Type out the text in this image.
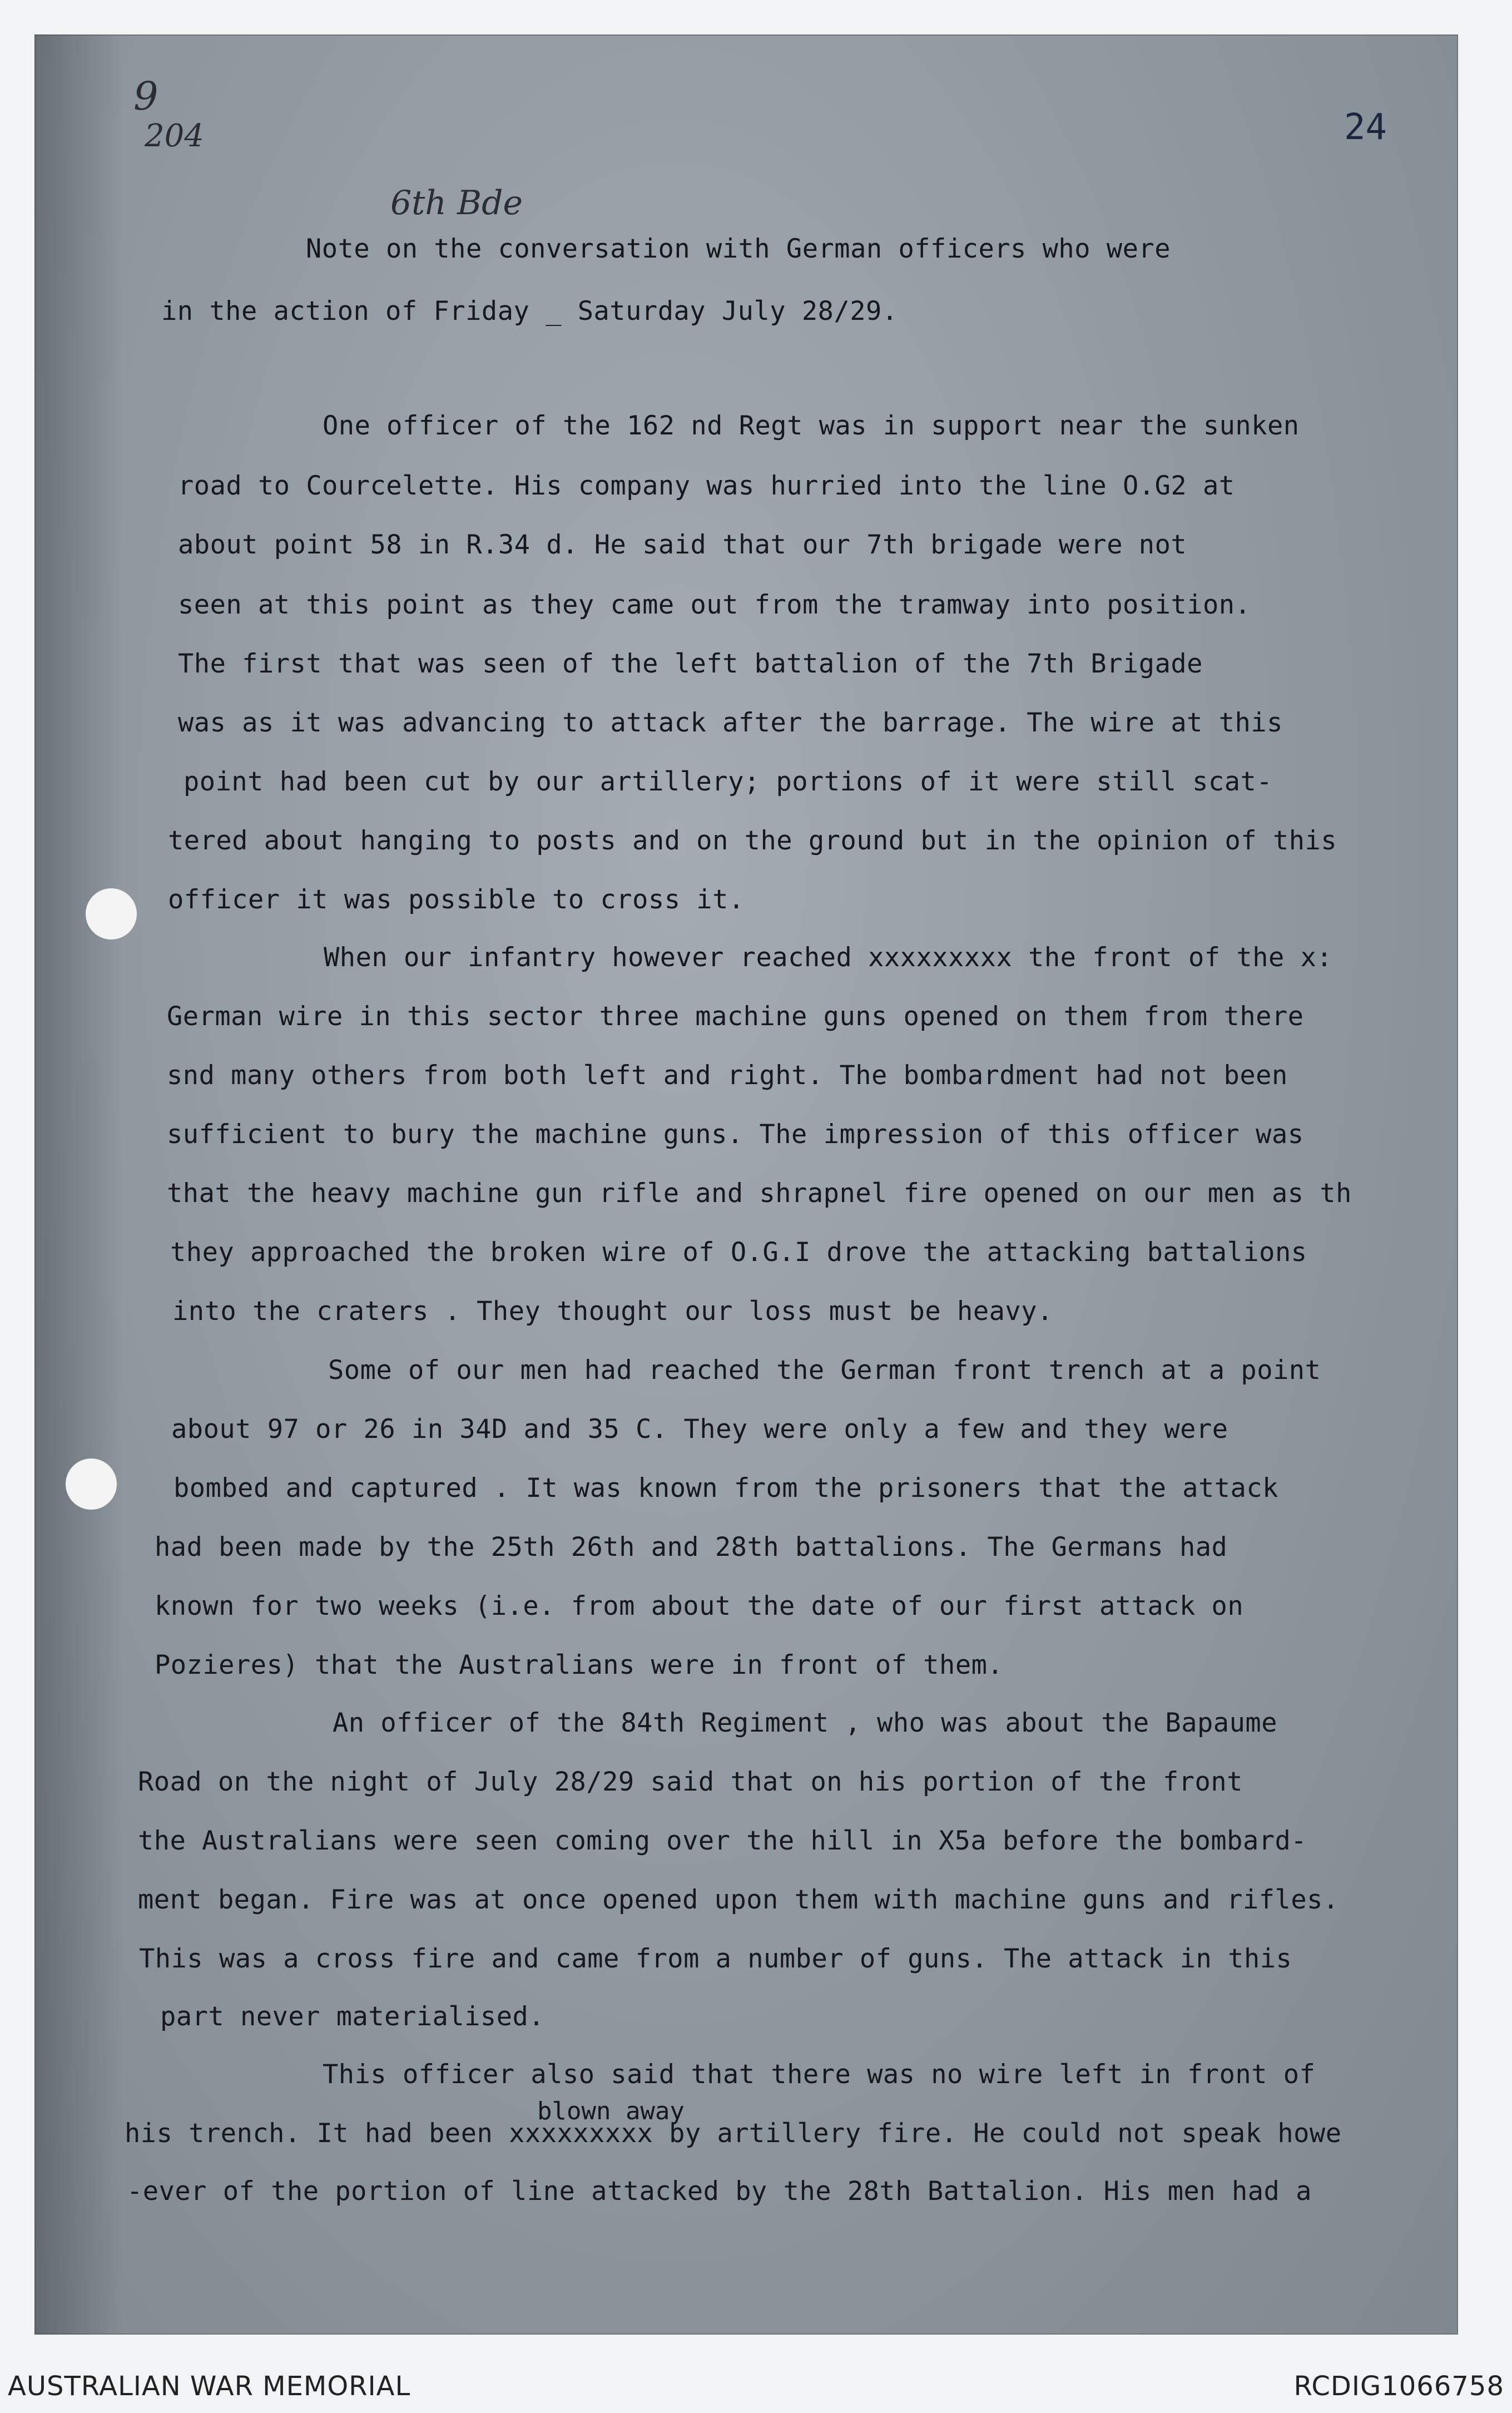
9
204
6th Bde
24
Note on the conversation with German officers who were
in the action of Friday _ Saturday July 28/29.
One officer of the 162 nd Regt was in support near the sunken
road to Courcelette. His company was hurried into the line O.G2 at
about point 58 in R.34 d. He said that our 7th brigade were not
seen at this point as they came out from the tramway into position.
The first that was seen of the left battalion of the 7th Brigade
was as it was advancing to attack after the barrage. The wire at this
point had been cut by our artillery; portions of it were still scat-
tered about hanging to posts and on the ground but in the opinion of this
officer it was possible to cross it.
When our infantry however reached xxxxxxxxx the front of the x:
German wire in this sector three machine guns opened on them from there
snd many others from both left and right. The bombardment had not been
sufficient to bury the machine guns. The impression of this officer was
that the heavy machine gun rifle and shrapnel fire opened on our men as th
they approached the broken wire of O.G.I drove the attacking battalions
into the craters . They thought our loss must be heavy.
Some of our men had reached the German front trench at a point
about 97 or 26 in 34D and 35 C. They were only a few and they were
bombed and captured . It was known from the prisoners that the attack
had been made by the 25th 26th and 28th battalions. The Germans had
known for two weeks (i.e. from about the date of our first attack on
Pozieres) that the Australians were in front of them.
An officer of the 84th Regiment , who was about the Bapaume
Road on the night of July 28/29 said that on his portion of the front
the Australians were seen coming over the hill in X5a before the bombard-
ment began. Fire was at once opened upon them with machine guns and rifles.
This was a cross fire and came from a number of guns. The attack in this
part never materialised.
This officer also said that there was no wire left in front of
blown away
his trench. It had been xxxxxxxxx by artillery fire. He could not speak howe
-ever of the portion of line attacked by the 28th Battalion. His men had a
AUSTRALIAN WAR MEMORIAL	RCDIG1066758
